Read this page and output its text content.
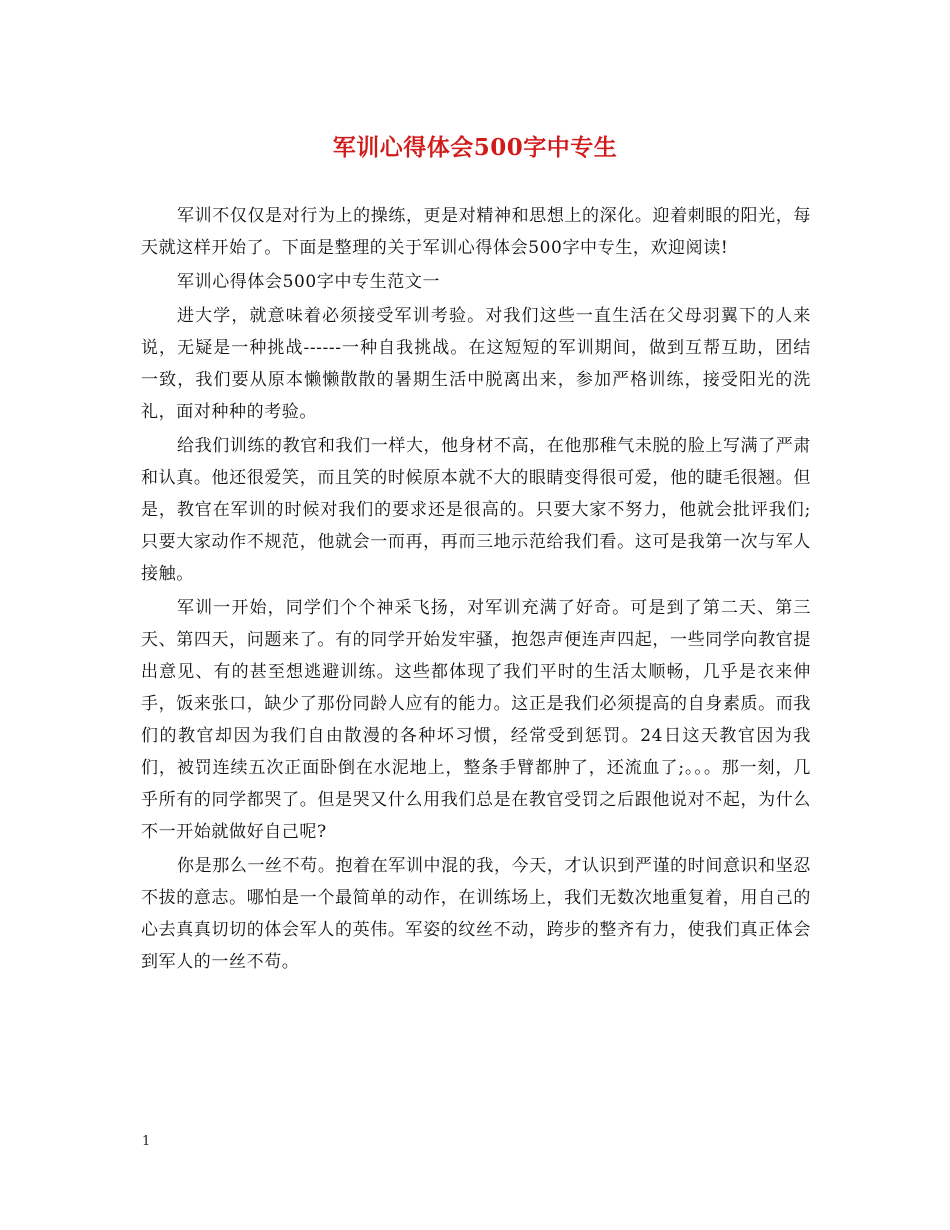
军训心得体会500字中专生

军训不仅仅是对行为上的操练，更是对精神和思想上的深化。迎着刺眼的阳光，每天就这样开始了。下面是整理的关于军训心得体会500字中专生，欢迎阅读!

军训心得体会500字中专生范文一

进大学，就意味着必须接受军训考验。对我们这些一直生活在父母羽翼下的人来说，无疑是一种挑战------一种自我挑战。在这短短的军训期间，做到互帮互助，团结一致，我们要从原本懒懒散散的暑期生活中脱离出来，参加严格训练，接受阳光的洗礼，面对种种的考验。

给我们训练的教官和我们一样大，他身材不高，在他那稚气未脱的脸上写满了严肃和认真。他还很爱笑，而且笑的时候原本就不大的眼睛变得很可爱，他的睫毛很翘。但是，教官在军训的时候对我们的要求还是很高的。只要大家不努力，他就会批评我们;只要大家动作不规范，他就会一而再，再而三地示范给我们看。这可是我第一次与军人接触。

军训一开始，同学们个个神采飞扬，对军训充满了好奇。可是到了第二天、第三天、第四天，问题来了。有的同学开始发牢骚，抱怨声便连声四起，一些同学向教官提出意见、有的甚至想逃避训练。这些都体现了我们平时的生活太顺畅，几乎是衣来伸手，饭来张口，缺少了那份同龄人应有的能力。这正是我们必须提高的自身素质。而我们的教官却因为我们自由散漫的各种坏习惯，经常受到惩罚。24日这天教官因为我们，被罚连续五次正面卧倒在水泥地上，整条手臂都肿了，还流血了;。。。那一刻，几乎所有的同学都哭了。但是哭又什么用我们总是在教官受罚之后跟他说对不起，为什么不一开始就做好自己呢?

你是那么一丝不苟。抱着在军训中混的我，今天，才认识到严谨的时间意识和坚忍不拔的意志。哪怕是一个最简单的动作，在训练场上，我们无数次地重复着，用自己的心去真真切切的体会军人的英伟。军姿的纹丝不动，跨步的整齐有力，使我们真正体会到军人的一丝不苟。

1
